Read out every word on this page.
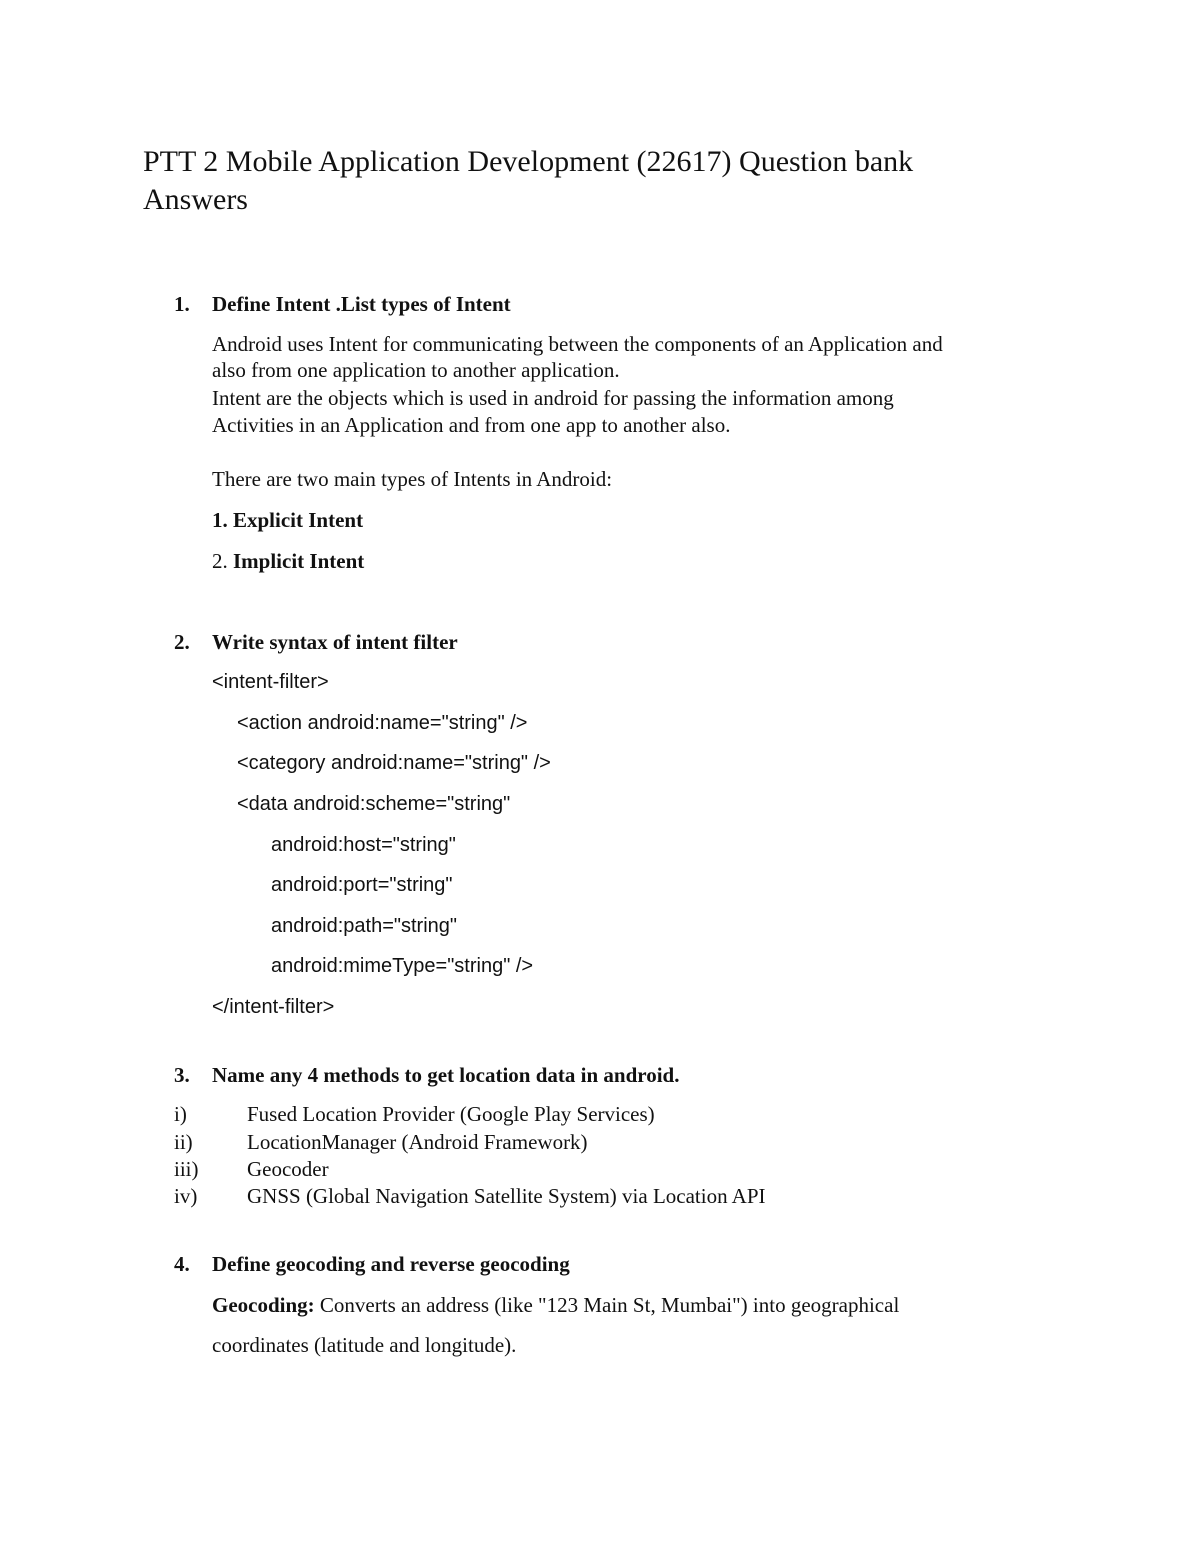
PTT 2 Mobile Application Development (22617) Question bank
Answers
1. Define Intent .List types of Intent
Android uses Intent for communicating between the components of an Application and
also from one application to another application.
Intent are the objects which is used in android for passing the information among
Activities in an Application and from one app to another also.
There are two main types of Intents in Android:
1. Explicit Intent
2. Implicit Intent
2. Write syntax of intent filter
<intent-filter>
<action android:name="string" />
<category android:name="string" />
<data android:scheme="string"
android:host="string"
android:port="string"
android:path="string"
android:mimeType="string" />
</intent-filter>
3. Name any 4 methods to get location data in android.
i)	Fused Location Provider (Google Play Services)
ii)	LocationManager (Android Framework)
iii) Geocoder
iv) GNSS (Global Navigation Satellite System) via Location API
4. Define geocoding and reverse geocoding
Geocoding: Converts an address (like "123 Main St, Mumbai") into geographical
coordinates (latitude and longitude).
